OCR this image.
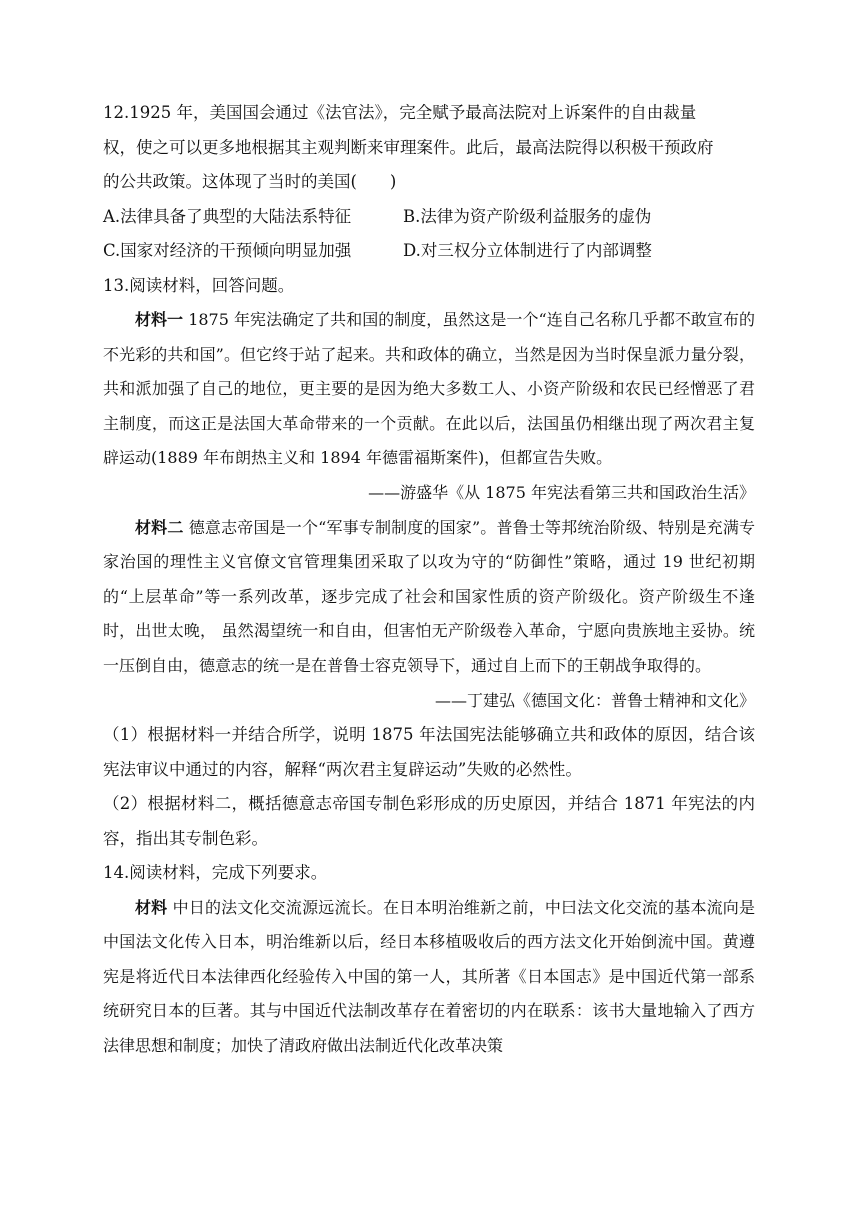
12.1925 年，美国国会通过《法官法》，完全赋予最高法院对上诉案件的自由裁量
权，使之可以更多地根据其主观判断来审理案件。此后，最高法院得以积极干预政府
的公共政策。这体现了当时的美国(　　)
A.法律具备了典型的大陆法系特征	B.法律为资产阶级利益服务的虚伪
C.国家对经济的干预倾向明显加强	D.对三权分立体制进行了内部调整
13.阅读材料，回答问题。

材料一 1875 年宪法确定了共和国的制度，虽然这是一个“连自己名称几乎都不敢宣布的不光彩的共和国”。但它终于站了起来。共和政体的确立，当然是因为当时保皇派力量分裂，共和派加强了自己的地位，更主要的是因为绝大多数工人、小资产阶级和农民已经憎恶了君主制度，而这正是法国大革命带来的一个贡献。在此以后，法国虽仍相继出现了两次君主复辟运动(1889 年布朗热主义和 1894 年德雷福斯案件)，但都宣告失败。

——游盛华《从 1875 年宪法看第三共和国政治生活》

材料二 德意志帝国是一个“军事专制制度的国家”。普鲁士等邦统治阶级、特别是充满专家治国的理性主义官僚文官管理集团采取了以攻为守的“防御性”策略，通过 19 世纪初期的“上层革命”等一系列改革，逐步完成了社会和国家性质的资产阶级化。资产阶级生不逢时，出世太晚， 虽然渴望统一和自由，但害怕无产阶级卷入革命，宁愿向贵族地主妥协。统一压倒自由，德意志的统一是在普鲁士容克领导下，通过自上而下的王朝战争取得的。

——丁建弘《德国文化：普鲁士精神和文化》

（1）根据材料一并结合所学，说明 1875 年法国宪法能够确立共和政体的原因，结合该宪法审议中通过的内容，解释“两次君主复辟运动”失败的必然性。

（2）根据材料二，概括德意志帝国专制色彩形成的历史原因，并结合 1871 年宪法的内容，指出其专制色彩。

14.阅读材料，完成下列要求。

材料 中日的法文化交流源远流长。在日本明治维新之前，中曰法文化交流的基本流向是中国法文化传入日本，明治维新以后，经日本移植吸收后的西方法文化开始倒流中国。黄遵宪是将近代日本法律西化经验传入中国的第一人，其所著《日本国志》是中国近代第一部系统研究日本的巨著。其与中国近代法制改革存在着密切的内在联系：该书大量地输入了西方法律思想和制度；加快了清政府做出法制近代化改革决策
